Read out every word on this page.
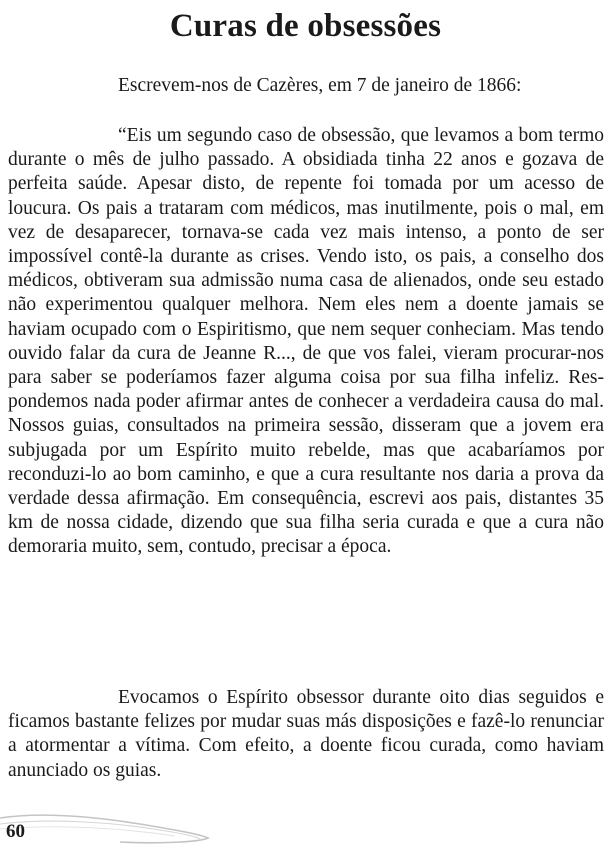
Curas de obsessões

Escrevem-nos de Cazères, em 7 de janeiro de 1866:

“Eis um segundo caso de obsessão, que levamos a bom termo durante o mês de julho passado. A obsidiada tinha 22 anos e gozava de perfeita saúde. Apesar disto, de repente foi tomada por um acesso de loucura. Os pais a trataram com médicos, mas inutilmente, pois o mal, em vez de desaparecer, tornava-se cada vez mais intenso, a ponto de ser impossível contê-la durante as crises. Vendo isto, os pais, a conselho dos médicos, obtiveram sua admissão numa casa de alienados, onde seu estado não experimentou qualquer melhora. Nem eles nem a doente jamais se haviam ocupado com o Espiritismo, que nem sequer conheciam. Mas tendo ouvido falar da cura de Jeanne R..., de que vos falei, vieram procurar-nos para saber se poderíamos fazer alguma coisa por sua filha infeliz. Respondemos nada poder afirmar antes de conhecer a verdadeira causa do mal. Nossos guias, consultados na primeira sessão, disseram que a jovem era subjugada por um Espírito muito rebelde, mas que acabaríamos por reconduzi-lo ao bom caminho, e que a cura resultante nos daria a prova da verdade dessa afirmação. Em consequência, escrevi aos pais, distantes 35 km de nossa cidade, dizendo que sua filha seria curada e que a cura não demoraria muito, sem, contudo, precisar a época.

Evocamos o Espírito obsessor durante oito dias seguidos e ficamos bastante felizes por mudar suas más disposições e fazê-lo renunciar a atormentar a vítima. Com efeito, a doente ficou curada, como haviam anunciado os guias.

60
